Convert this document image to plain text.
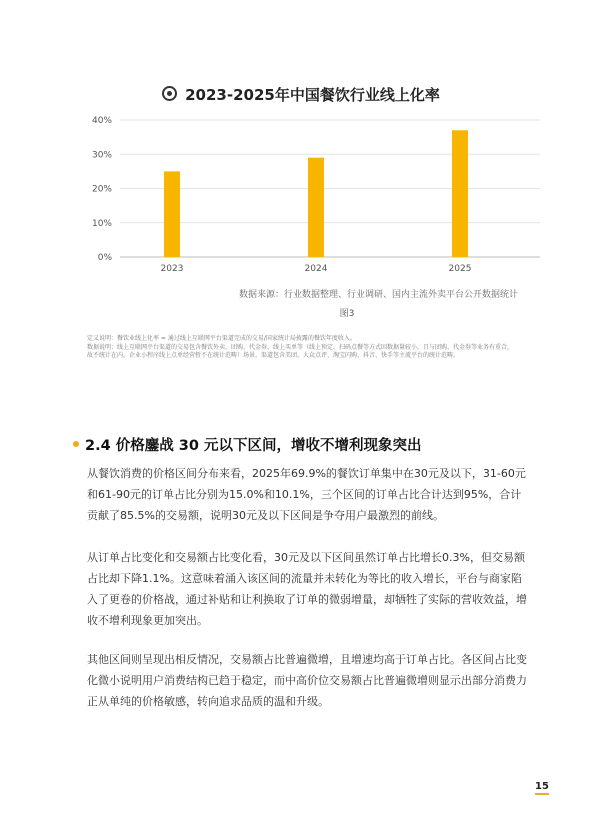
2023-2025年中国餐饮行业线上化率
0%
10%
20%
30%
40%
2023	2024	2025
数据来源：行业数据整理、行业调研、国内主流外卖平台公开数据统计
图3

定义说明：餐饮业线上化率 = 通过线上互联网平台渠道完成的交易/国家统计局披露的餐饮年度收入。

数据说明：线上互联网平台渠道的交易包含餐饮外卖、团购、代金券、线上买单等（线上预定、扫码点餐等方式因数据量较小，且与团购、代金券等业务有重合，故不统计在内。企业小程序线上点单经营暂不在统计范畴）场景，渠道包含美团、大众点评、淘宝闪购、抖音、快手等主流平台的统计范畴。

2.4 价格鏖战 30 元以下区间，增收不增利现象突出

从餐饮消费的价格区间分布来看，2025年69.9%的餐饮订单集中在30元及以下，31-60元和61-90元的订单占比分别为15.0%和10.1%，三个区间的订单占比合计达到95%，合计贡献了85.5%的交易额，说明30元及以下区间是争夺用户最激烈的前线。

从订单占比变化和交易额占比变化看，30元及以下区间虽然订单占比增长0.3%，但交易额占比却下降1.1%。这意味着涌入该区间的流量并未转化为等比的收入增长，平台与商家陷入了更卷的价格战，通过补贴和让利换取了订单的微弱增量，却牺牲了实际的营收效益，增收不增利现象更加突出。

其他区间则呈现出相反情况，交易额占比普遍微增，且增速均高于订单占比。各区间占比变化微小说明用户消费结构已趋于稳定，而中高价位交易额占比普遍微增则显示出部分消费力正从单纯的价格敏感，转向追求品质的温和升级。

15
